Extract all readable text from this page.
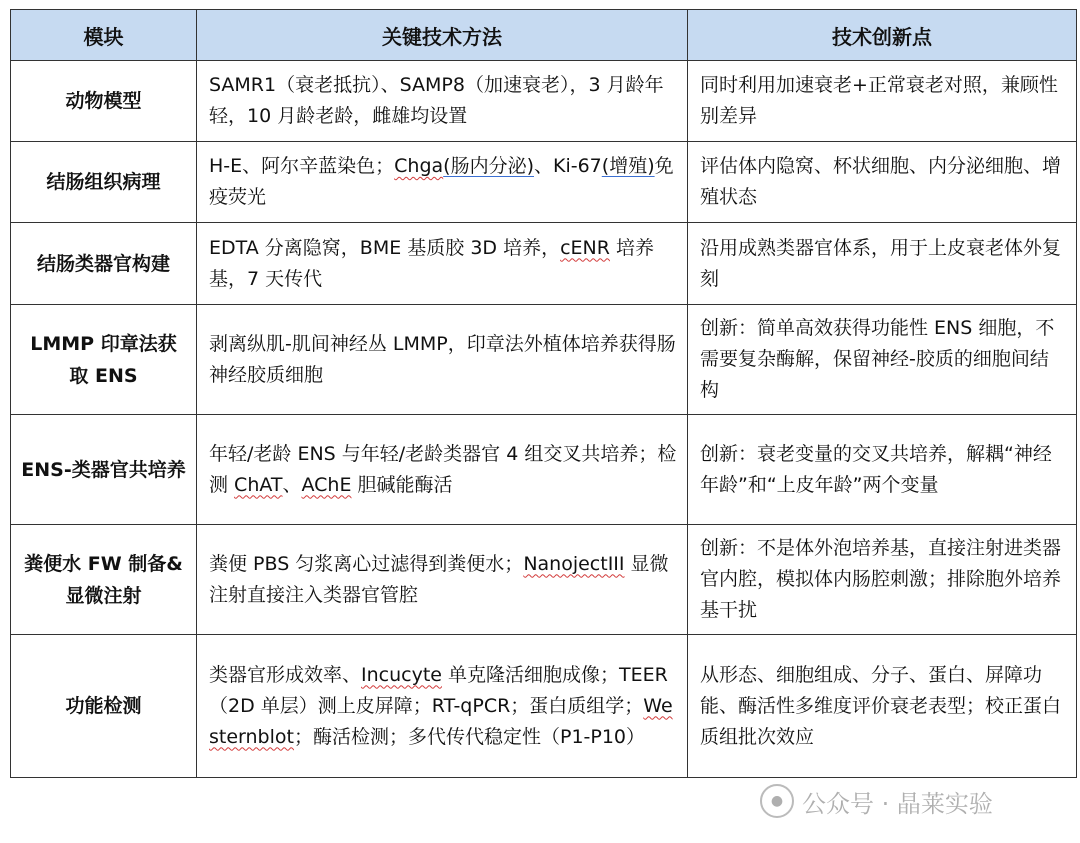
模块	关键技术方法	技术创新点
动物模型	SAMR1（衰老抵抗）、SAMP8（加速衰老），3 月龄年轻，10 月龄老龄，雌雄均设置	同时利用加速衰老+正常衰老对照，兼顾性别差异
结肠组织病理	H-E、阿尔辛蓝染色；Chga(肠内分泌)、Ki-67(增殖)免疫荧光	评估体内隐窝、杯状细胞、内分泌细胞、增殖状态
结肠类器官构建	EDTA 分离隐窝，BME 基质胶 3D 培养，cENR 培养基，7 天传代	沿用成熟类器官体系，用于上皮衰老体外复刻
LMMP 印章法获取 ENS	剥离纵肌-肌间神经丛 LMMP，印章法外植体培养获得肠神经胶质细胞	创新：简单高效获得功能性 ENS 细胞，不需要复杂酶解，保留神经-胶质的细胞间结构
ENS-类器官共培养	年轻/老龄 ENS 与年轻/老龄类器官 4 组交叉共培养；检测 ChAT、AChE 胆碱能酶活	创新：衰老变量的交叉共培养，解耦“神经年龄”和“上皮年龄”两个变量
粪便水 FW 制备&显微注射	粪便 PBS 匀浆离心过滤得到粪便水；NanojectIII 显微注射直接注入类器官管腔	创新：不是体外泡培养基，直接注射进类器官内腔，模拟体内肠腔刺激；排除胞外培养基干扰
功能检测	类器官形成效率、Incucyte 单克隆活细胞成像；TEER（2D 单层）测上皮屏障；RT-qPCR；蛋白质组学；Westernblot；酶活检测；多代传代稳定性（P1-P10）	从形态、细胞组成、分子、蛋白、屏障功能、酶活性多维度评价衰老表型；校正蛋白质组批次效应
● 公众号 · 晶莱实验
